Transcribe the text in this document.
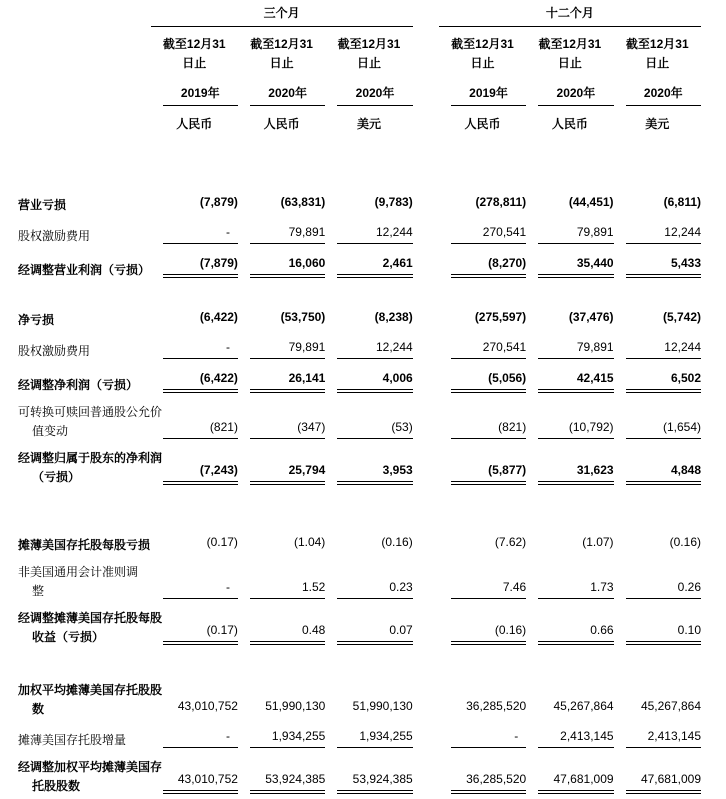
	三个月				十二个月		
	截至12月31	截至12月31	截至12月31		截至12月31	截至12月31	截至12月31
	日止	日止	日止		日止	日止	日止

	2019年	2020年	2020年		2019年	2020年	2020年

	人民币	人民币	美元		人民币	人民币	美元

营业亏损	(7,879)	(63,831)	(9,783)		(278,811)	(44,451)	(6,811)

股权激励费用	-	79,891	12,244		270,541	79,891	12,244

经调整营业利润（亏损）	(7,879)	16,060	2,461		(8,270)	35,440	5,433

净亏损	(6,422)	(53,750)	(8,238)		(275,597)	(37,476)	(5,742)

股权激励费用	-	79,891	12,244		270,541	79,891	12,244

经调整净利润（亏损）	(6,422)	26,141	4,006		(5,056)	42,415	6,502

可转换可赎回普通股公允价
值变动	(821)	(347)	(53)		(821)	(10,792)	(1,654)

经调整归属于股东的净利润
（亏损）	(7,243)	25,794	3,953		(5,877)	31,623	4,848

摊薄美国存托股每股亏损	(0.17)	(1.04)	(0.16)		(7.62)	(1.07)	(0.16)

非美国通用会计准则调
整	-	1.52	0.23		7.46	1.73	0.26

经调整摊薄美国存托股每股
收益（亏损）	(0.17)	0.48	0.07		(0.16)	0.66	0.10

加权平均摊薄美国存托股股
数	43,010,752	51,990,130	51,990,130		36,285,520	45,267,864	45,267,864

摊薄美国存托股增量	-	1,934,255	1,934,255		-	2,413,145	2,413,145

经调整加权平均摊薄美国存
托股股数	43,010,752	53,924,385	53,924,385		36,285,520	47,681,009	47,681,009
